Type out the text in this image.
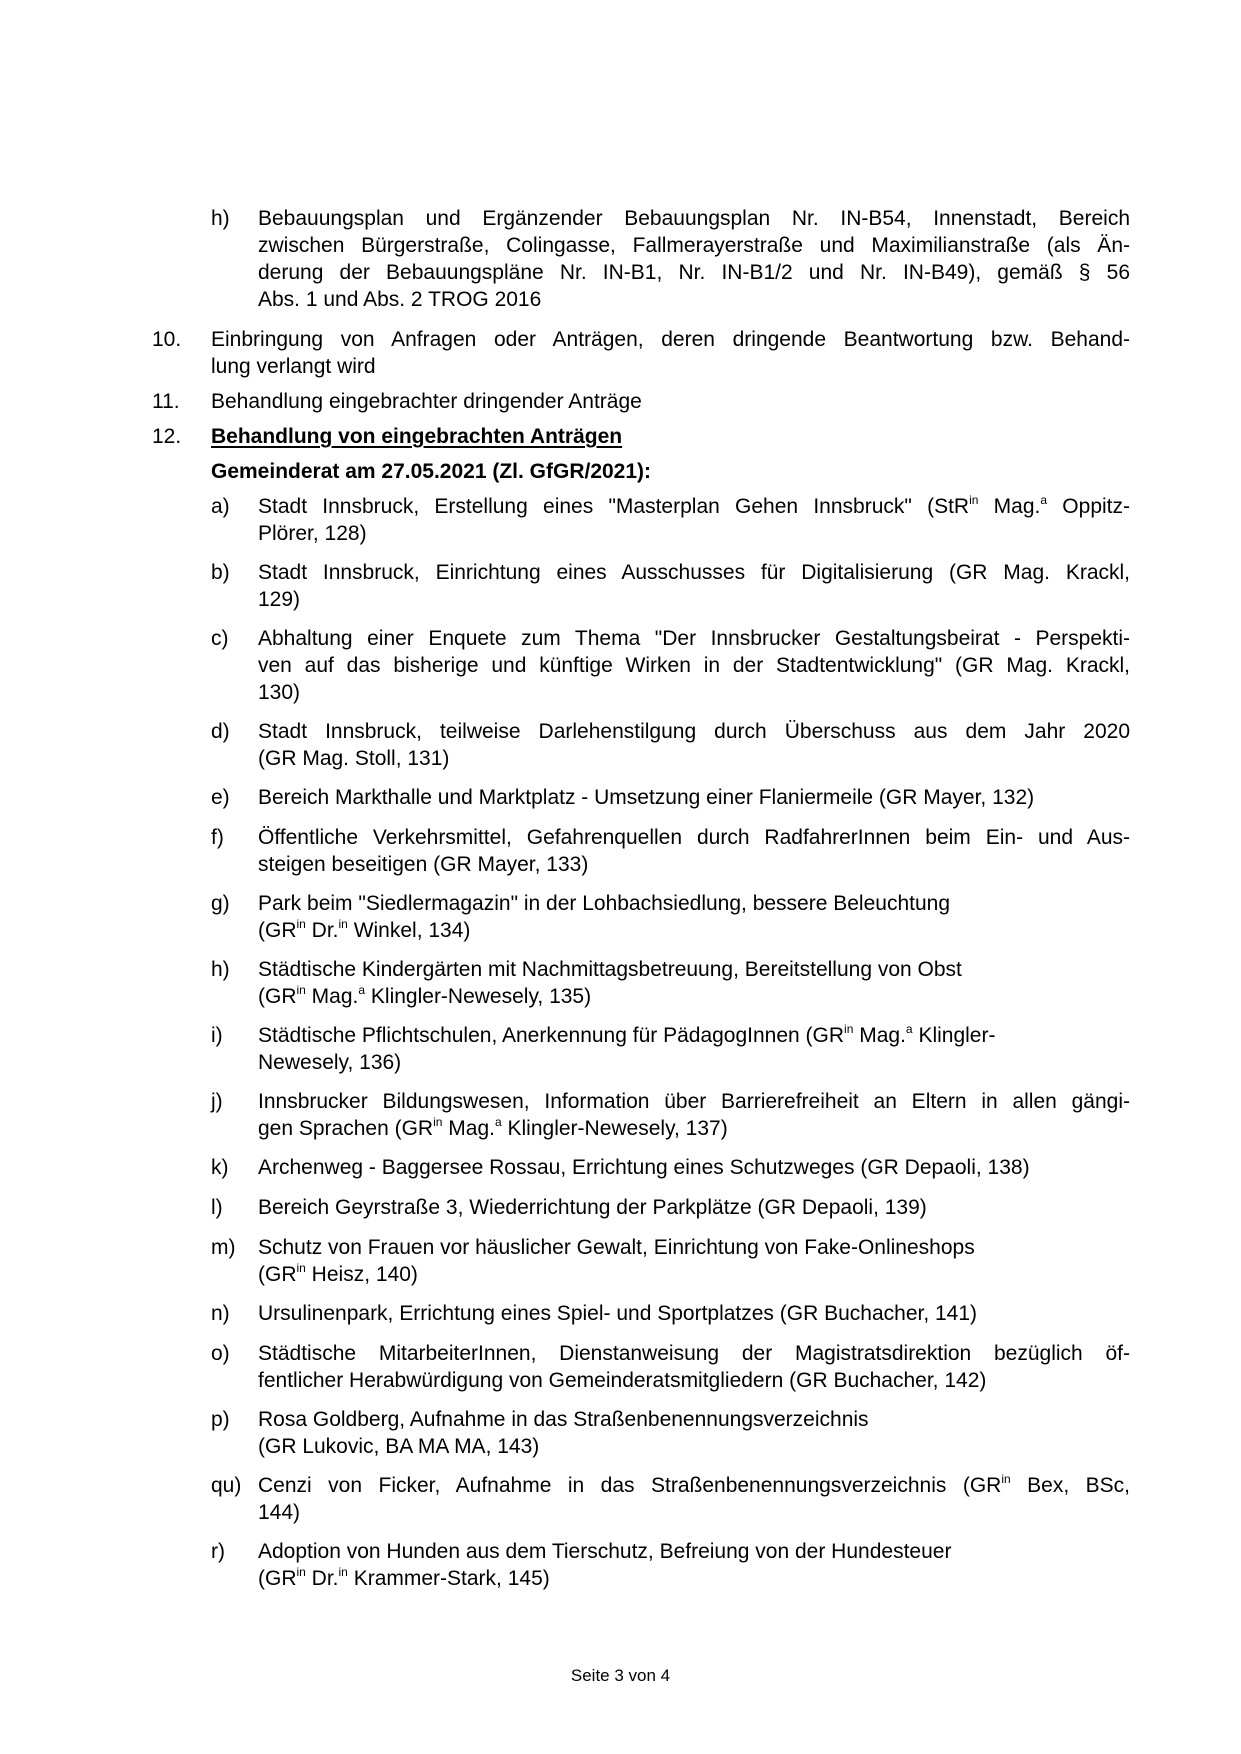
h) Bebauungsplan und Ergänzender Bebauungsplan Nr. IN-B54, Innenstadt, Bereich
zwischen Bürgerstraße, Colingasse, Fallmerayerstraße und Maximilianstraße (als Än-
derung der Bebauungspläne Nr. IN-B1, Nr. IN-B1/2 und Nr. IN-B49), gemäß § 56
Abs. 1 und Abs. 2 TROG 2016
10. Einbringung von Anfragen oder Anträgen, deren dringende Beantwortung bzw. Behand-
lung verlangt wird
11. Behandlung eingebrachter dringender Anträge
12. Behandlung von eingebrachten Anträgen
Gemeinderat am 27.05.2021 (Zl. GfGR/2021):
a) Stadt Innsbruck, Erstellung eines "Masterplan Gehen Innsbruck" (StR$^{in}$ Mag.$^a$ Oppitz-
Plörer, 128)
b) Stadt Innsbruck, Einrichtung eines Ausschusses für Digitalisierung (GR Mag. Krackl,
129)
c) Abhaltung einer Enquete zum Thema "Der Innsbrucker Gestaltungsbeirat - Perspekti-
ven auf das bisherige und künftige Wirken in der Stadtentwicklung" (GR Mag. Krackl,
130)
d) Stadt Innsbruck, teilweise Darlehenstilgung durch Überschuss aus dem Jahr 2020
(GR Mag. Stoll, 131)
e) Bereich Markthalle und Marktplatz - Umsetzung einer Flaniermeile (GR Mayer, 132)
f) Öffentliche Verkehrsmittel, Gefahrenquellen durch RadfahrerInnen beim Ein- und Aus-
steigen beseitigen (GR Mayer, 133)
g) Park beim "Siedlermagazin" in der Lohbachsiedlung, bessere Beleuchtung
($GR^{in}$ Dr.$^{in}$ Winkel, 134)
h) Städtische Kindergärten mit Nachmittagsbetreuung, Bereitstellung von Obst
($GR^{in}$ Mag.$^a$ Klingler-Newesely, 135)
i) Städtische Pflichtschulen, Anerkennung für PädagogInnen ($GR^{in}$ Mag.$^a$ Klingler-
Newesely, 136)
j) Innsbrucker Bildungswesen, Information über Barrierefreiheit an Eltern in allen gängi-
gen Sprachen ($GR^{in}$ Mag.$^a$ Klingler-Newesely, 137)
k) Archenweg - Baggersee Rossau, Errichtung eines Schutzweges (GR Depaoli, 138)
l) Bereich Geyrstraße 3, Wiederrichtung der Parkplätze (GR Depaoli, 139)
m) Schutz von Frauen vor häuslicher Gewalt, Einrichtung von Fake-Onlineshops
($GR^{in}$ Heisz, 140)
n) Ursulinenpark, Errichtung eines Spiel- und Sportplatzes (GR Buchacher, 141)
o) Städtische MitarbeiterInnen, Dienstanweisung der Magistratsdirektion bezüglich öf-
fentlicher Herabwürdigung von Gemeinderatsmitgliedern (GR Buchacher, 142)
p) Rosa Goldberg, Aufnahme in das Straßenbenennungsverzeichnis
(GR Lukovic, BA MA MA, 143)
qu) Cenzi von Ficker, Aufnahme in das Straßenbenennungsverzeichnis ($GR^{in}$ Bex, BSc,
144)
r) Adoption von Hunden aus dem Tierschutz, Befreiung von der Hundesteuer
($GR^{in}$ Dr.$^{in}$ Krammer-Stark, 145)
Seite 3 von 4
